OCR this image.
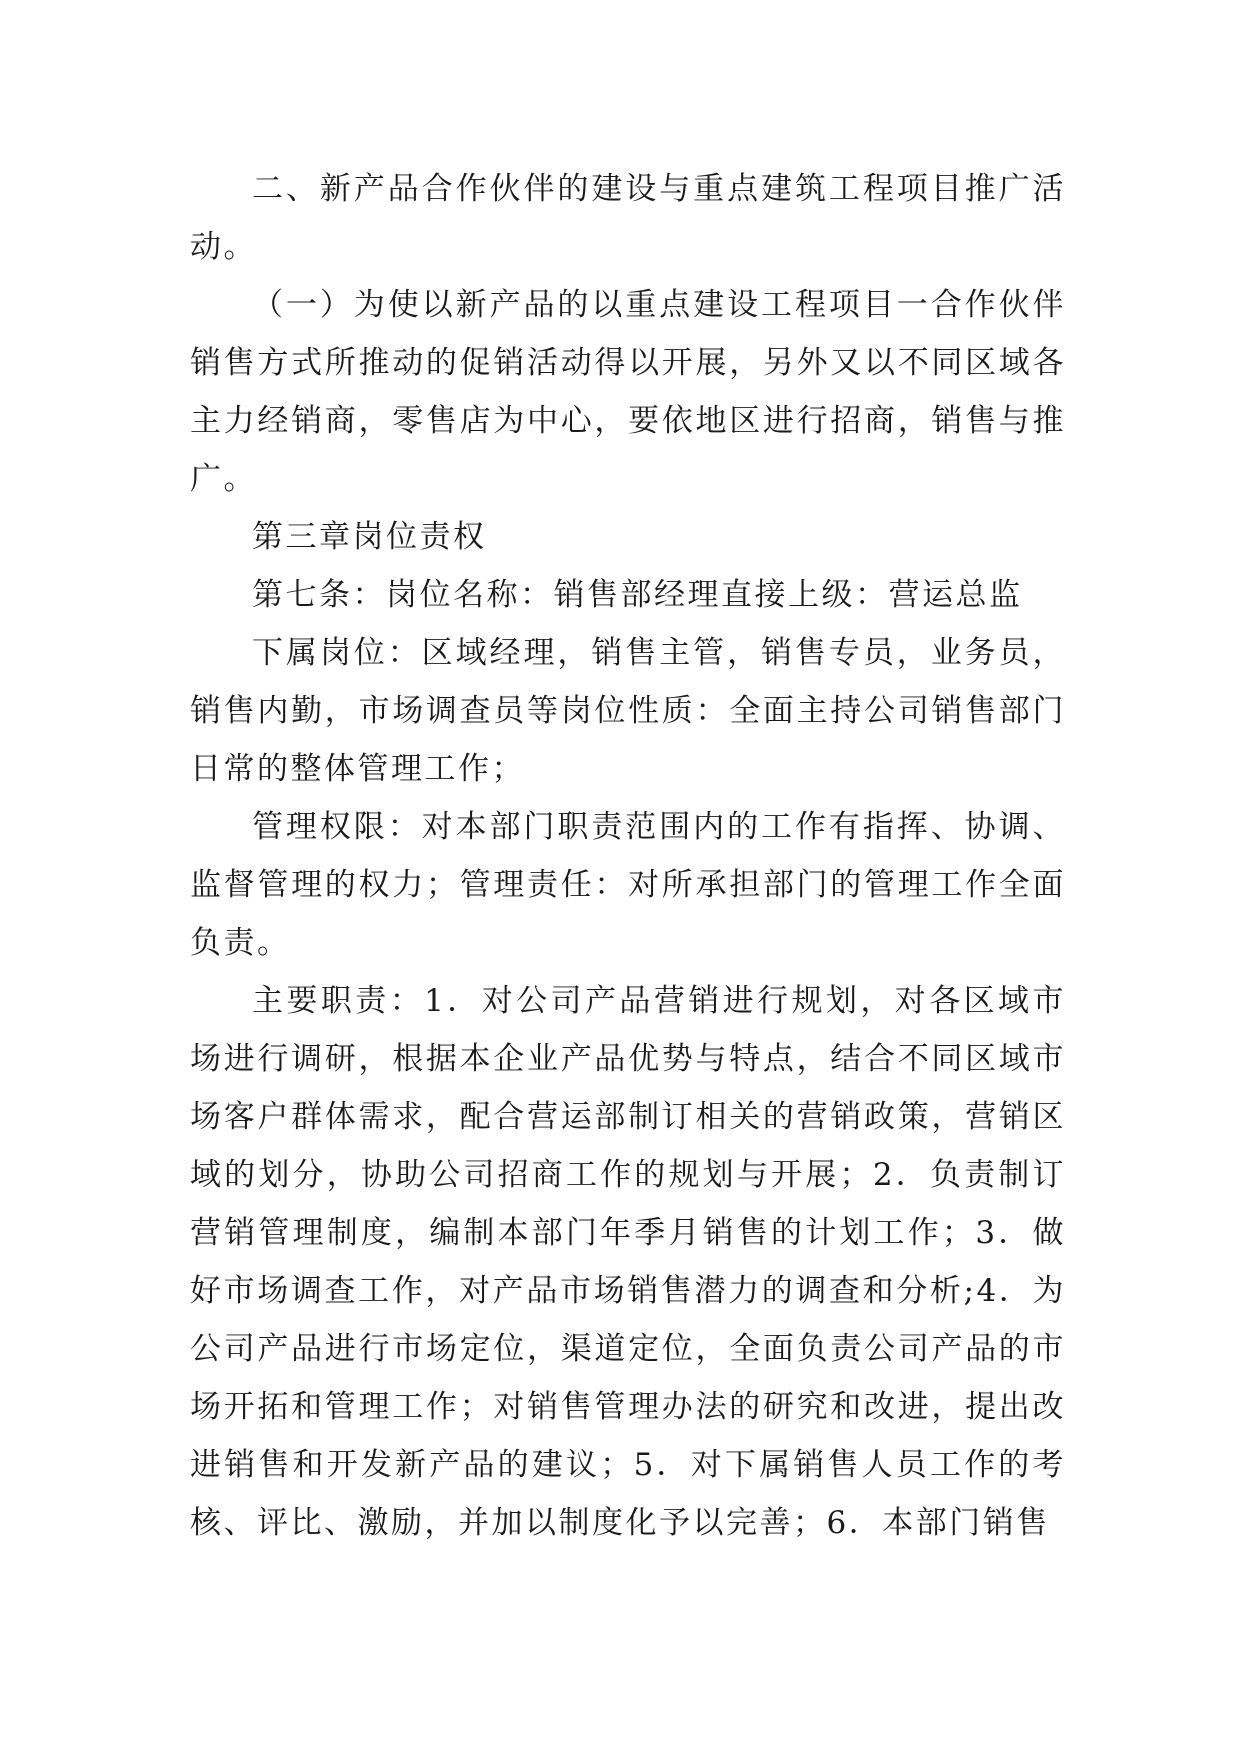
二、新产品合作伙伴的建设与重点建筑工程项目推广活动。

（一）为使以新产品的以重点建设工程项目一合作伙伴销售方式所推动的促销活动得以开展，另外又以不同区域各主力经销商，零售店为中心，要依地区进行招商，销售与推广。

第三章岗位责权

第七条：岗位名称：销售部经理直接上级：营运总监

下属岗位：区域经理，销售主管，销售专员，业务员，销售内勤，市场调查员等岗位性质：全面主持公司销售部门日常的整体管理工作；

管理权限：对本部门职责范围内的工作有指挥、协调、监督管理的权力；管理责任：对所承担部门的管理工作全面负责。

主要职责：1．对公司产品营销进行规划，对各区域市场进行调研，根据本企业产品优势与特点，结合不同区域市场客户群体需求，配合营运部制订相关的营销政策，营销区域的划分，协助公司招商工作的规划与开展；2．负责制订营销管理制度，编制本部门年季月销售的计划工作；3．做好市场调查工作，对产品市场销售潜力的调查和分析;4．为公司产品进行市场定位，渠道定位，全面负责公司产品的市场开拓和管理工作；对销售管理办法的研究和改进，提出改进销售和开发新产品的建议；5．对下属销售人员工作的考核、评比、激励，并加以制度化予以完善；6．本部门销售
